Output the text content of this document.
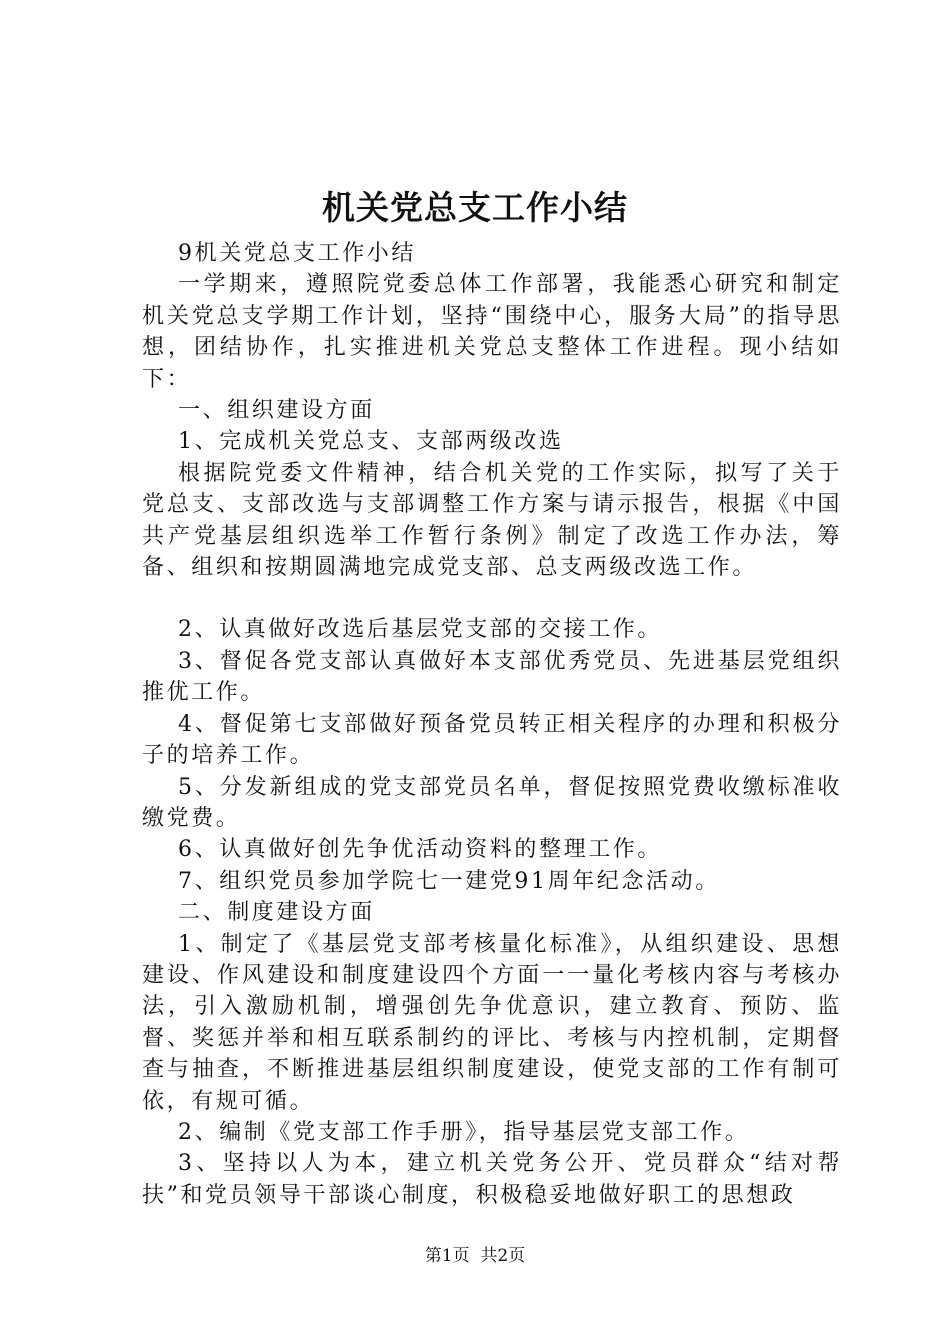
机关党总支工作小结

9机关党总支工作小结

一学期来，遵照院党委总体工作部署，我能悉心研究和制定机关党总支学期工作计划，坚持“围绕中心，服务大局”的指导思想，团结协作，扎实推进机关党总支整体工作进程。现小结如下：

一、组织建设方面

1、完成机关党总支、支部两级改选

根据院党委文件精神，结合机关党的工作实际，拟写了关于党总支、支部改选与支部调整工作方案与请示报告，根据《中国共产党基层组织选举工作暂行条例》制定了改选工作办法，筹备、组织和按期圆满地完成党支部、总支两级改选工作。

2、认真做好改选后基层党支部的交接工作。

3、督促各党支部认真做好本支部优秀党员、先进基层党组织推优工作。

4、督促第七支部做好预备党员转正相关程序的办理和积极分子的培养工作。

5、分发新组成的党支部党员名单，督促按照党费收缴标准收缴党费。

6、认真做好创先争优活动资料的整理工作。

7、组织党员参加学院七一建党91周年纪念活动。

二、制度建设方面

1、制定了《基层党支部考核量化标准》，从组织建设、思想建设、作风建设和制度建设四个方面一一量化考核内容与考核办法，引入激励机制，增强创先争优意识，建立教育、预防、监督、奖惩并举和相互联系制约的评比、考核与内控机制，定期督查与抽查，不断推进基层组织制度建设，使党支部的工作有制可依，有规可循。

2、编制《党支部工作手册》，指导基层党支部工作。

3、坚持以人为本，建立机关党务公开、党员群众“结对帮扶”和党员领导干部谈心制度，积极稳妥地做好职工的思想政

第1页 共2页
